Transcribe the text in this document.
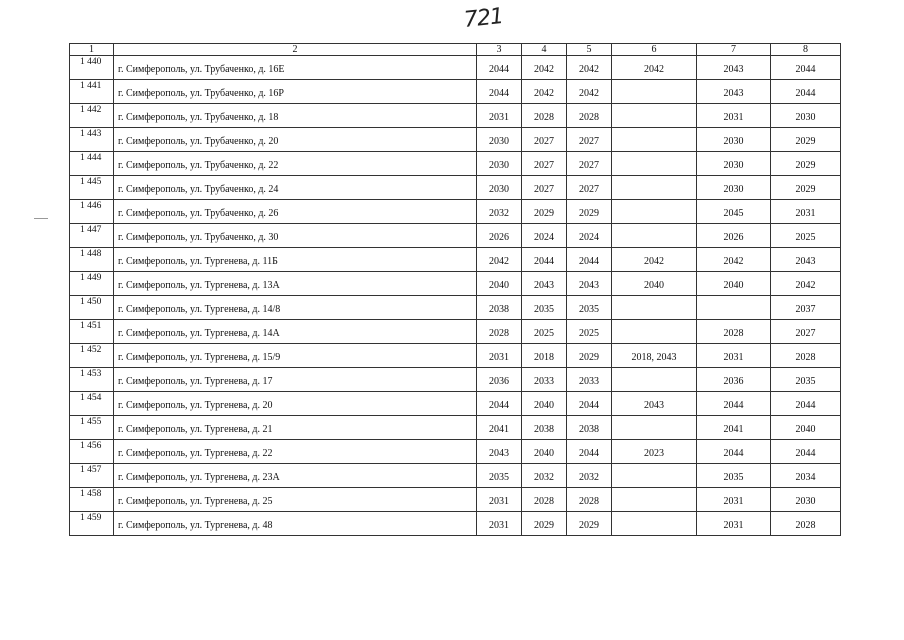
721
1	2	3	4	5	6	7	8
1 440	г. Симферополь, ул. Трубаченко, д. 16Е	2044	2042	2042	2042	2043	2044
1 441	г. Симферополь, ул. Трубаченко, д. 16Р	2044	2042	2042		2043	2044
1 442	г. Симферополь, ул. Трубаченко, д. 18	2031	2028	2028		2031	2030
1 443	г. Симферополь, ул. Трубаченко, д. 20	2030	2027	2027		2030	2029
1 444	г. Симферополь, ул. Трубаченко, д. 22	2030	2027	2027		2030	2029
1 445	г. Симферополь, ул. Трубаченко, д. 24	2030	2027	2027		2030	2029
1 446	г. Симферополь, ул. Трубаченко, д. 26	2032	2029	2029		2045	2031
1 447	г. Симферополь, ул. Трубаченко, д. 30	2026	2024	2024		2026	2025
1 448	г. Симферополь, ул. Тургенева, д. 11Б	2042	2044	2044	2042	2042	2043
1 449	г. Симферополь, ул. Тургенева, д. 13А	2040	2043	2043	2040	2040	2042
1 450	г. Симферополь, ул. Тургенева, д. 14/8	2038	2035	2035			2037
1 451	г. Симферополь, ул. Тургенева, д. 14А	2028	2025	2025		2028	2027
1 452	г. Симферополь, ул. Тургенева, д. 15/9	2031	2018	2029	2018, 2043	2031	2028
1 453	г. Симферополь, ул. Тургенева, д. 17	2036	2033	2033		2036	2035
1 454	г. Симферополь, ул. Тургенева, д. 20	2044	2040	2044	2043	2044	2044
1 455	г. Симферополь, ул. Тургенева, д. 21	2041	2038	2038		2041	2040
1 456	г. Симферополь, ул. Тургенева, д. 22	2043	2040	2044	2023	2044	2044
1 457	г. Симферополь, ул. Тургенева, д. 23А	2035	2032	2032		2035	2034
1 458	г. Симферополь, ул. Тургенева, д. 25	2031	2028	2028		2031	2030
1 459	г. Симферополь, ул. Тургенева, д. 48	2031	2029	2029		2031	2028
